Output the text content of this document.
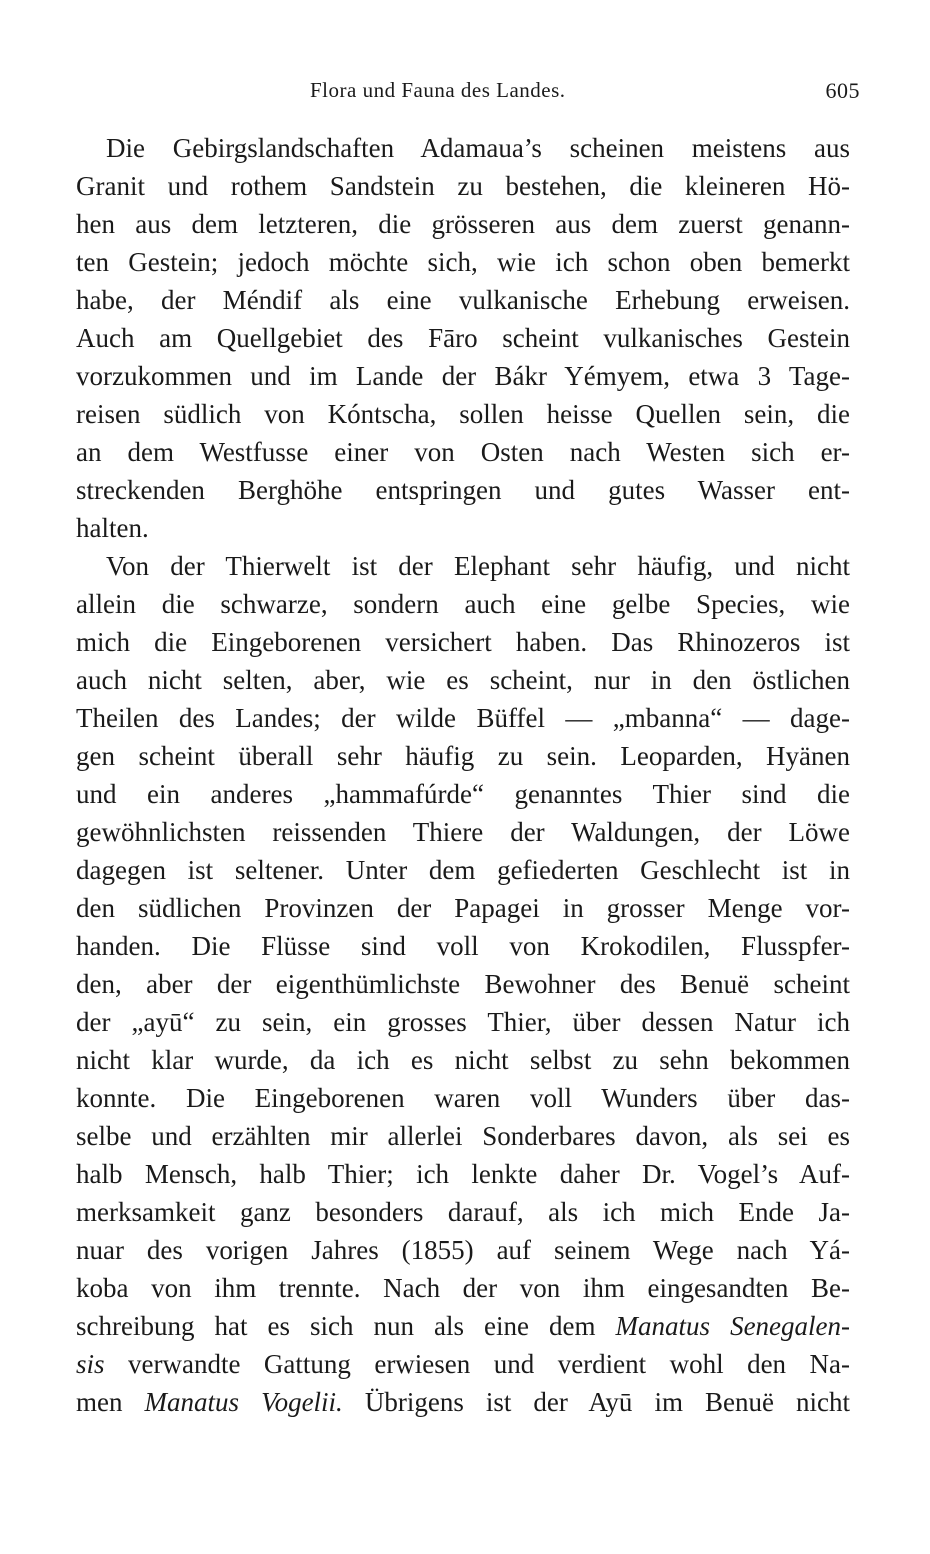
Flora und Fauna des Landes.	605
Die Gebirgslandschaften Adamaua’s scheinen meistens aus
Granit und rothem Sandstein zu bestehen, die kleineren Hö-
hen aus dem letzteren, die grösseren aus dem zuerst genann-
ten Gestein; jedoch möchte sich, wie ich schon oben bemerkt
habe, der Méndif als eine vulkanische Erhebung erweisen.
Auch am Quellgebiet des Fāro scheint vulkanisches Gestein
vorzukommen und im Lande der Bákr Yémyem, etwa 3 Tage-
reisen südlich von Kóntscha, sollen heisse Quellen sein, die
an dem Westfusse einer von Osten nach Westen sich er-
streckenden Berghöhe entspringen und gutes Wasser ent-
halten.
Von der Thierwelt ist der Elephant sehr häufig, und nicht
allein die schwarze, sondern auch eine gelbe Species, wie
mich die Eingeborenen versichert haben. Das Rhinozeros ist
auch nicht selten, aber, wie es scheint, nur in den östlichen
Theilen des Landes; der wilde Büffel — „mbanna“ — dage-
gen scheint überall sehr häufig zu sein. Leoparden, Hyänen
und ein anderes „hammafúrde“ genanntes Thier sind die
gewöhnlichsten reissenden Thiere der Waldungen, der Löwe
dagegen ist seltener. Unter dem gefiederten Geschlecht ist in
den südlichen Provinzen der Papagei in grosser Menge vor-
handen. Die Flüsse sind voll von Krokodilen, Flusspfer-
den, aber der eigenthümlichste Bewohner des Benuë scheint
der „ayū“ zu sein, ein grosses Thier, über dessen Natur ich
nicht klar wurde, da ich es nicht selbst zu sehn bekommen
konnte. Die Eingeborenen waren voll Wunders über das-
selbe und erzählten mir allerlei Sonderbares davon, als sei es
halb Mensch, halb Thier; ich lenkte daher Dr. Vogel’s Auf-
merksamkeit ganz besonders darauf, als ich mich Ende Ja-
nuar des vorigen Jahres (1855) auf seinem Wege nach Yá-
koba von ihm trennte. Nach der von ihm eingesandten Be-
schreibung hat es sich nun als eine dem Manatus Senegalen-
sis verwandte Gattung erwiesen und verdient wohl den Na-
men Manatus Vogelii. Übrigens ist der Ayū im Benuë nicht
